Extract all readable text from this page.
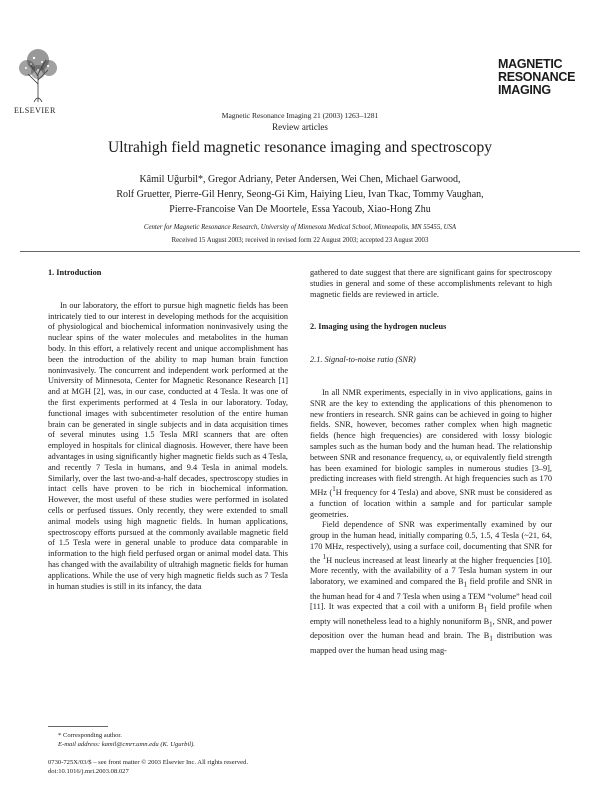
ELSEVIER
Magnetic Resonance Imaging 21 (2003) 1263–1281
Review articles
MAGNETIC
RESONANCE
IMAGING
Ultrahigh field magnetic resonance imaging and spectroscopy
Kâmil Uğurbil*, Gregor Adriany, Peter Andersen, Wei Chen, Michael Garwood,
Rolf Gruetter, Pierre-Gil Henry, Seong-Gi Kim, Haiying Lieu, Ivan Tkac, Tommy Vaughan,
Pierre-Francoise Van De Moortele, Essa Yacoub, Xiao-Hong Zhu
Center for Magnetic Resonance Research, University of Minnesota Medical School, Minneapolis, MN 55455, USA
Received 15 August 2003; received in revised form 22 August 2003; accepted 23 August 2003
1. Introduction

In our laboratory, the effort to pursue high magnetic fields has been intricately tied to our interest in developing methods for the acquisition of physiological and biochemical information noninvasively using the nuclear spins of the water molecules and metabolites in the human body. In this effort, a relatively recent and unique accomplishment has been the introduction of the ability to map human brain function noninvasively. The concurrent and independent work performed at the University of Minnesota, Center for Magnetic Resonance Research [1] and at MGH [2], was, in our case, conducted at 4 Tesla. It was one of the first experiments performed at 4 Tesla in our laboratory. Today, functional images with subcentimeter resolution of the entire human brain can be generated in single subjects and in data acquisition times of several minutes using 1.5 Tesla MRI scanners that are often employed in hospitals for clinical diagnosis. However, there have been advantages in using significantly higher magnetic fields such as 4 Tesla, and recently 7 Tesla in humans, and 9.4 Tesla in animal models. Similarly, over the last two-and-a-half decades, spectroscopy studies in intact cells have proven to be rich in biochemical information. However, the most useful of these studies were performed in isolated cells or perfused tissues. Only recently, they were extended to small animal models using high magnetic fields. In human applications, spectroscopy efforts pursued at the commonly available magnetic field of 1.5 Tesla were in general unable to produce data comparable in information to the high field perfused organ or animal model data. This has changed with the availability of ultrahigh magnetic fields for human applications. While the use of very high magnetic fields such as 7 Tesla in human studies is still in its infancy, the data

gathered to date suggest that there are significant gains for spectroscopy studies in general and some of these accomplishments relevant to high magnetic fields are reviewed in article.

2. Imaging using the hydrogen nucleus
2.1. Signal-to-noise ratio (SNR)

In all NMR experiments, especially in in vivo applications, gains in SNR are the key to extending the applications of this phenomenon to new frontiers in research. SNR gains can be achieved in going to higher fields. SNR, however, becomes rather complex when high magnetic fields (hence high frequencies) are considered with lossy biologic samples such as the human body and the human head. The relationship between SNR and resonance frequency, ω, or equivalently field strength has been examined for biologic samples in numerous studies [3–9], predicting increases with field strength. At high frequencies such as 170 MHz ($^1$H frequency for 4 Tesla) and above, SNR must be considered as a function of location within a sample and for particular sample geometries.

Field dependence of SNR was experimentally examined by our group in the human head, initially comparing 0.5, 1.5, 4 Tesla (~21, 64, 170 MHz, respectively), using a surface coil, documenting that SNR for the $^1$H nucleus increased at least linearly at the higher frequencies [10]. More recently, with the availability of a 7 Tesla human system in our laboratory, we examined and compared the $B_1$ field profile and SNR in the human head for 4 and 7 Tesla when using a TEM “volume” head coil [11]. It was expected that a coil with a uniform $B_1$ field profile when empty will nonetheless lead to a highly nonuniform $B_1$, SNR, and power deposition over the human head and brain. The $B_1$ distribution was mapped over the human head using mag-

* Corresponding author.
E-mail address: kamil@cmrr.umn.edu (K. Ugurbil).
0730-725X/03/$ – see front matter © 2003 Elsevier Inc. All rights reserved.
doi:10.1016/j.mri.2003.08.027
